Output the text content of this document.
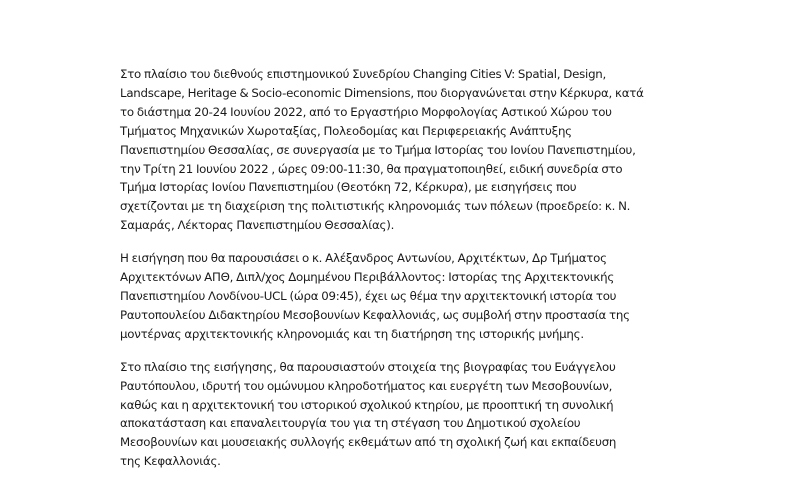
Στο πλαίσιο του διεθνούς επιστημονικού Συνεδρίου Changing Cities V: Spatial, Design,
Landscape, Heritage & Socio-economic Dimensions, που διοργανώνεται στην Κέρκυρα, κατά
το διάστημα 20-24 Ιουνίου 2022, από το Εργαστήριο Μορφολογίας Αστικού Χώρου του
Τμήματος Μηχανικών Χωροταξίας, Πολεοδομίας και Περιφερειακής Ανάπτυξης
Πανεπιστημίου Θεσσαλίας, σε συνεργασία με το Τμήμα Ιστορίας του Ιονίου Πανεπιστημίου,
την Τρίτη 21 Ιουνίου 2022 , ώρες 09:00-11:30, θα πραγματοποιηθεί, ειδική συνεδρία στο
Τμήμα Ιστορίας Ιονίου Πανεπιστημίου (Θεοτόκη 72, Κέρκυρα), με εισηγήσεις που
σχετίζονται με τη διαχείριση της πολιτιστικής κληρονομιάς των πόλεων (προεδρείο: κ. Ν.
Σαμαράς, Λέκτορας Πανεπιστημίου Θεσσαλίας).

Η εισήγηση που θα παρουσιάσει ο κ. Αλέξανδρος Αντωνίου, Αρχιτέκτων, Δρ Τμήματος
Αρχιτεκτόνων ΑΠΘ, Διπλ/χος Δομημένου Περιβάλλοντος: Ιστορίας της Αρχιτεκτονικής
Πανεπιστημίου Λονδίνου-UCL (ώρα 09:45), έχει ως θέμα την αρχιτεκτονική ιστορία του
Ραυτοπουλείου Διδακτηρίου Μεσοβουνίων Κεφαλλονιάς, ως συμβολή στην προστασία της
μοντέρνας αρχιτεκτονικής κληρονομιάς και τη διατήρηση της ιστορικής μνήμης.

Στο πλαίσιο της εισήγησης, θα παρουσιαστούν στοιχεία της βιογραφίας του Ευάγγελου
Ραυτόπουλου, ιδρυτή του ομώνυμου κληροδοτήματος και ευεργέτη των Μεσοβουνίων,
καθώς και η αρχιτεκτονική του ιστορικού σχολικού κτηρίου, με προοπτική τη συνολική
αποκατάσταση και επαναλειτουργία του για τη στέγαση του Δημοτικού σχολείου
Μεσοβουνίων και μουσειακής συλλογής εκθεμάτων από τη σχολική ζωή και εκπαίδευση
της Κεφαλλονιάς.
